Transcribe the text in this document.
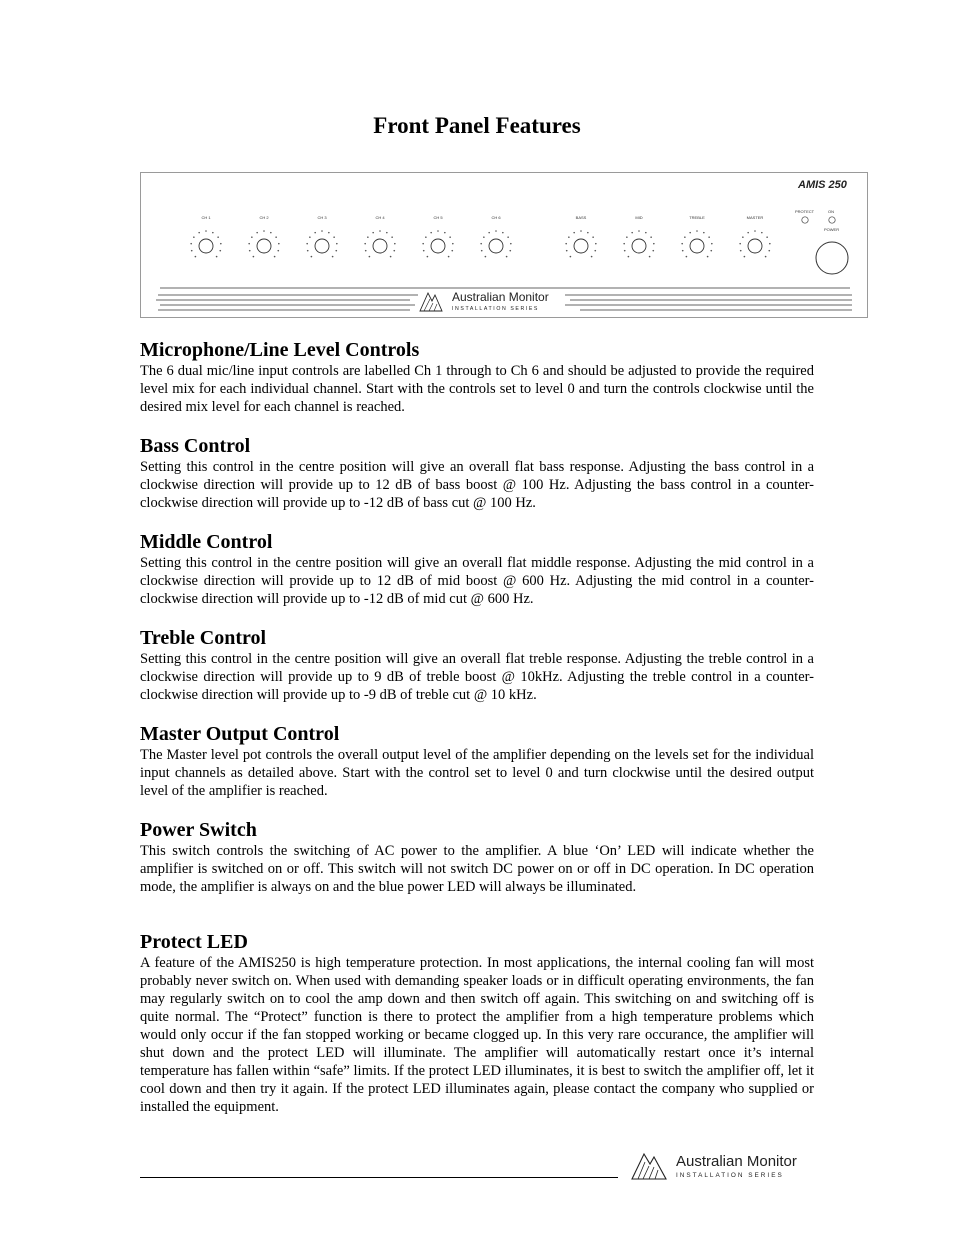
Front Panel Features
AMIS 250
CH 1	CH 2	CH 3	CH 4	CH 5	CH 6	BASS	MID	TREBLE	MASTER
PROTECT	ON
POWER
Australian Monitor
INSTALLATION SERIES
Microphone/Line Level Controls

The 6 dual mic/line input controls are labelled Ch 1 through to Ch 6 and should be adjusted to provide the required level mix for each individual channel. Start with the controls set to level 0 and turn the controls clockwise until the desired mix level for each channel is reached.

Bass Control

Setting this control in the centre position will give an overall flat bass response. Adjusting the bass control in a clockwise direction will provide up to 12 dB of bass boost @ 100 Hz. Adjusting the bass control in a counter-clockwise direction will provide up to -12 dB of bass cut @ 100 Hz.

Middle Control

Setting this control in the centre position will give an overall flat middle response. Adjusting the mid control in a clockwise direction will provide up to 12 dB of mid boost @ 600 Hz. Adjusting the mid control in a counter-clockwise direction will provide up to -12 dB of mid cut @ 600 Hz.

Treble Control

Setting this control in the centre position will give an overall flat treble response. Adjusting the treble control in a clockwise direction will provide up to 9 dB of treble boost @ 10kHz. Adjusting the treble control in a counter-clockwise direction will provide up to -9 dB of treble cut @ 10 kHz.

Master Output Control

The Master level pot controls the overall output level of the amplifier depending on the levels set for the individual input channels as detailed above. Start with the control set to level 0 and turn clockwise until the desired output level of the amplifier is reached.

Power Switch

This switch controls the switching of AC power to the amplifier. A blue ‘On’ LED will indicate whether the amplifier is switched on or off. This switch will not switch DC power on or off in DC operation. In DC operation mode, the amplifier is always on and the blue power LED will always be illuminated.

Protect LED

A feature of the AMIS250 is high temperature protection. In most applications, the internal cooling fan will most probably never switch on. When used with demanding speaker loads or in difficult operating environments, the fan may regularly switch on to cool the amp down and then switch off again. This switching on and switching off is quite normal. The “Protect” function is there to protect the amplifier from a high temperature problems which would only occur if the fan stopped working or became clogged up. In this very rare occurance, the amplifier will shut down and the protect LED will illuminate. The amplifier will automatically restart once it’s internal temperature has fallen within “safe” limits. If the protect LED illuminates, it is best to switch the amplifier off, let it cool down and then try it again. If the protect LED illuminates again, please contact the company who supplied or installed the equipment.

Australian Monitor
INSTALLATION SERIES
